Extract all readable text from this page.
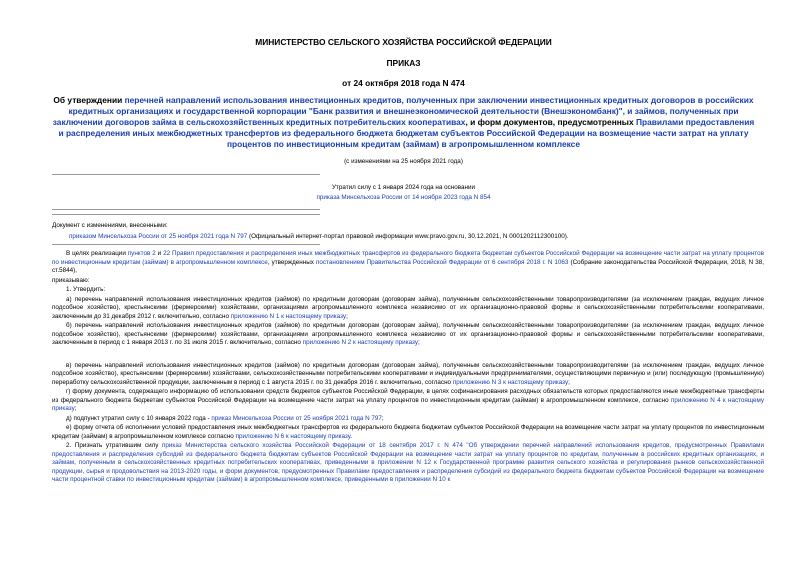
МИНИСТЕРСТВО СЕЛЬСКОГО ХОЗЯЙСТВА РОССИЙСКОЙ ФЕДЕРАЦИИ
ПРИКАЗ
от 24 октября 2018 года N 474
Об утверждении перечней направлений использования инвестиционных кредитов, полученных при заключении инвестиционных кредитных договоров в российских кредитных организациях и государственной корпорации "Банк развития и внешнеэкономической деятельности (Внешэкономбанк)", и займов, полученных при заключении договоров займа в сельскохозяйственных кредитных потребительских кооперативах, и форм документов, предусмотренных Правилами предоставления и распределения иных межбюджетных трансфертов из федерального бюджета бюджетам субъектов Российской Федерации на возмещение части затрат на уплату процентов по инвестиционным кредитам (займам) в агропромышленном комплексе
(с изменениями на 25 ноября 2021 года)
Утратил силу с 1 января 2024 года на основании
приказа Минсельхоза России от 14 ноября 2023 года N 854
Документ с изменениями, внесенными:
приказом Минсельхоза России от 25 ноября 2021 года N 797 (Официальный интернет-портал правовой информации www.pravo.gov.ru, 30.12.2021, N 0001202112300100).
В целях реализации пунктов 2 и 22 Правил предоставления и распределения иных межбюджетных трансфертов из федерального бюджета бюджетам субъектов Российской Федерации на возмещение части затрат на уплату процентов по инвестиционным кредитам (займам) в агропромышленном комплексе, утвержденных постановлением Правительства Российской Федерации от 6 сентября 2018 г. N 1063 (Собрание законодательства Российской Федерации, 2018, N 38, ст.5844),
приказываю:
1. Утвердить:
а) перечень направлений использования инвестиционных кредитов (займов) по кредитным договорам (договорам займа), полученным сельскохозяйственными товаропроизводителями (за исключением граждан, ведущих личное подсобное хозяйство), крестьянскими (фермерскими) хозяйствами, организациями агропромышленного комплекса независимо от их организационно-правовой формы и сельскохозяйственными потребительскими кооперативами, заключенным до 31 декабря 2012 г. включительно, согласно приложению N 1 к настоящему приказу;
б) перечень направлений использования инвестиционных кредитов (займов) по кредитным договорам (договорам займа), полученным сельскохозяйственными товаропроизводителями (за исключением граждан, ведущих личное подсобное хозяйство), крестьянскими (фермерскими) хозяйствами, организациями агропромышленного комплекса независимо от их организационно-правовой формы и сельскохозяйственными потребительскими кооперативами, заключенным в период с 1 января 2013 г. по 31 июля 2015 г. включительно, согласно приложению N 2 к настоящему приказу;
в) перечень направлений использования инвестиционных кредитов (займов) по кредитным договорам (договорам займа), полученным сельскохозяйственными товаропроизводителями (за исключением граждан, ведущих личное подсобное хозяйство), крестьянскими (фермерскими) хозяйствами, сельскохозяйственными потребительскими кооперативами и индивидуальными предпринимателями, осуществляющими первичную и (или) последующую (промышленную) переработку сельскохозяйственной продукции, заключенным в период с 1 августа 2015 г. по 31 декабря 2016 г. включительно, согласно приложению N 3 к настоящему приказу;
г) форму документа, содержащего информацию об использовании средств бюджетов субъектов Российской Федерации, в целях софинансирования расходных обязательств которых предоставляются иные межбюджетные трансферты из федерального бюджета бюджетам субъектов Российской Федерации на возмещение части затрат на уплату процентов по инвестиционным кредитам (займам) в агропромышленном комплексе, согласно приложению N 4 к настоящему приказу;
д) подпункт утратил силу с 10 января 2022 года - приказ Минсельхоза России от 25 ноября 2021 года N 797;
е) форму отчета об исполнении условий предоставления иных межбюджетных трансфертов из федерального бюджета бюджетам субъектов Российской Федерации на возмещение части затрат на уплату процентов по инвестиционным кредитам (займам) в агропромышленном комплексе согласно приложению N 6 к настоящему приказу.
2. Признать утратившим силу приказ Министерства сельского хозяйства Российской Федерации от 18 сентября 2017 г. N 474 "Об утверждении перечней направлений использования кредитов, предусмотренных Правилами предоставления и распределения субсидий из федерального бюджета бюджетам субъектов Российской Федерации на возмещение части затрат на уплату процентов по кредитам, полученным в российских кредитных организациях, и займам, полученным в сельскохозяйственных кредитных потребительских кооперативах, приведенными в приложении N 12 к Государственной программе развития сельского хозяйства и регулирования рынков сельскохозяйственной продукции, сырья и продовольствия на 2013-2020 годы, и форм документов, предусмотренных Правилами предоставления и распределения субсидий из федерального бюджета бюджетам субъектов Российской Федерации на возмещение части процентной ставки по инвестиционным кредитам (займам) в агропромышленном комплексе, приведенными в приложении N 10 к
